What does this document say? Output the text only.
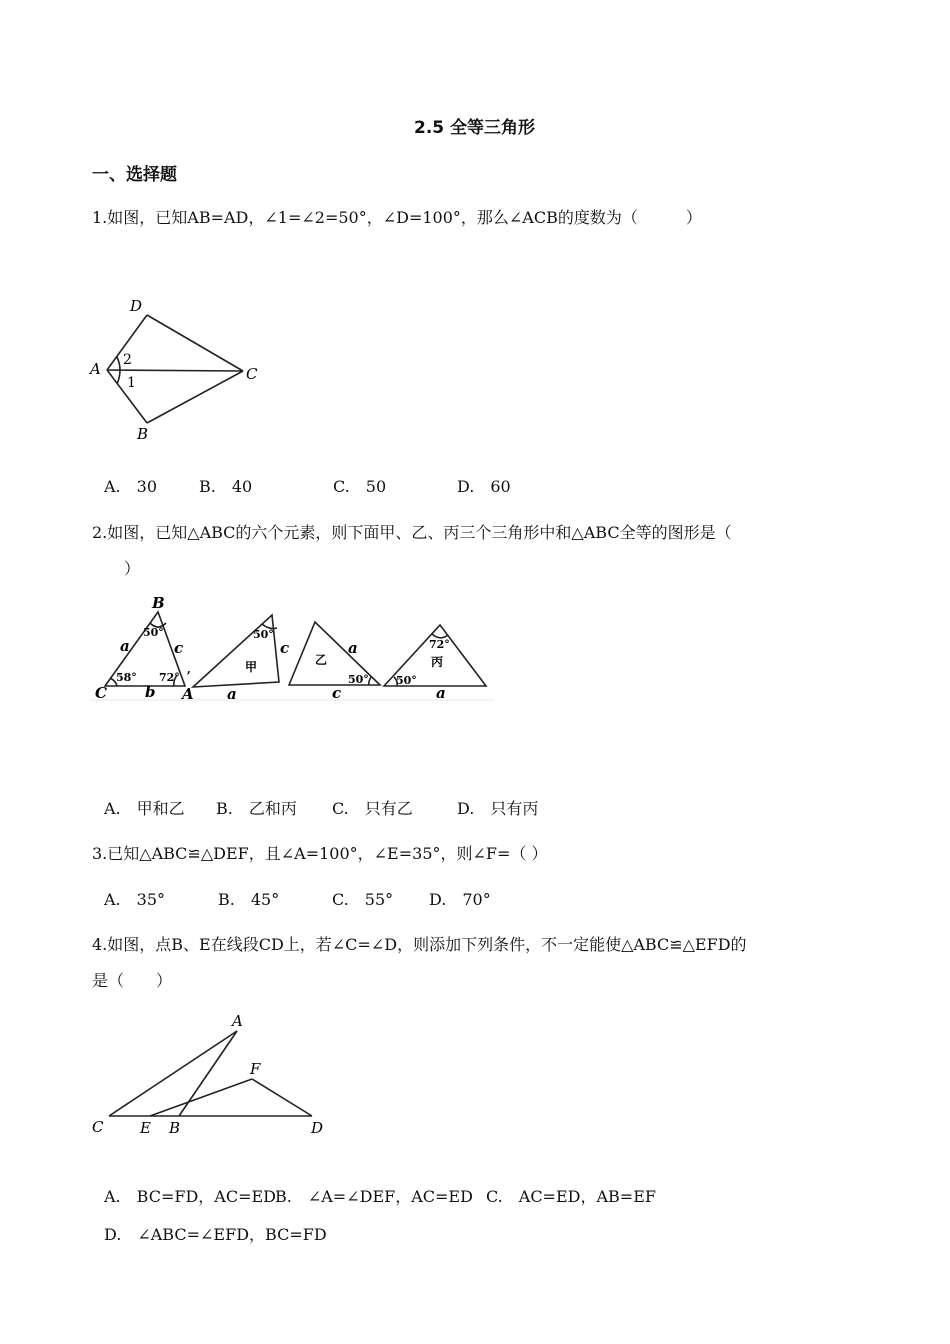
2.5 全等三角形
一、选择题
1.如图，已知AB=AD，∠1=∠2=50°，∠D=100°，那么∠ACB的度数为（　　　）
D
A	C
B
2
1
A.　30	B.　40	C.　50	D.　60
2.如图，已知△ABC的六个元素，则下面甲、乙、丙三个三角形中和△ABC全等的图形是（
　　）
B
C	A
a	c
b
50°
58° 72°
,
50°
c
甲
a
乙
a
50°
c
72°
丙
50°
a
A.　甲和乙 B.　乙和丙 C.　只有乙	D.　只有丙
3.已知△ABC≌△DEF，且∠A=100°，∠E=35°，则∠F=（ ）
A.　35°	B.　45°	C.　55° D.　70°
4.如图，点B、E在线段CD上，若∠C=∠D，则添加下列条件，不一定能使△ABC≌△EFD的
是（　　）
A
F
C E B	D
A.　BC=FD，AC=ED B.　∠A=∠DEF，AC=ED C.　AC=ED，AB=EF
D.　∠ABC=∠EFD，BC=FD
